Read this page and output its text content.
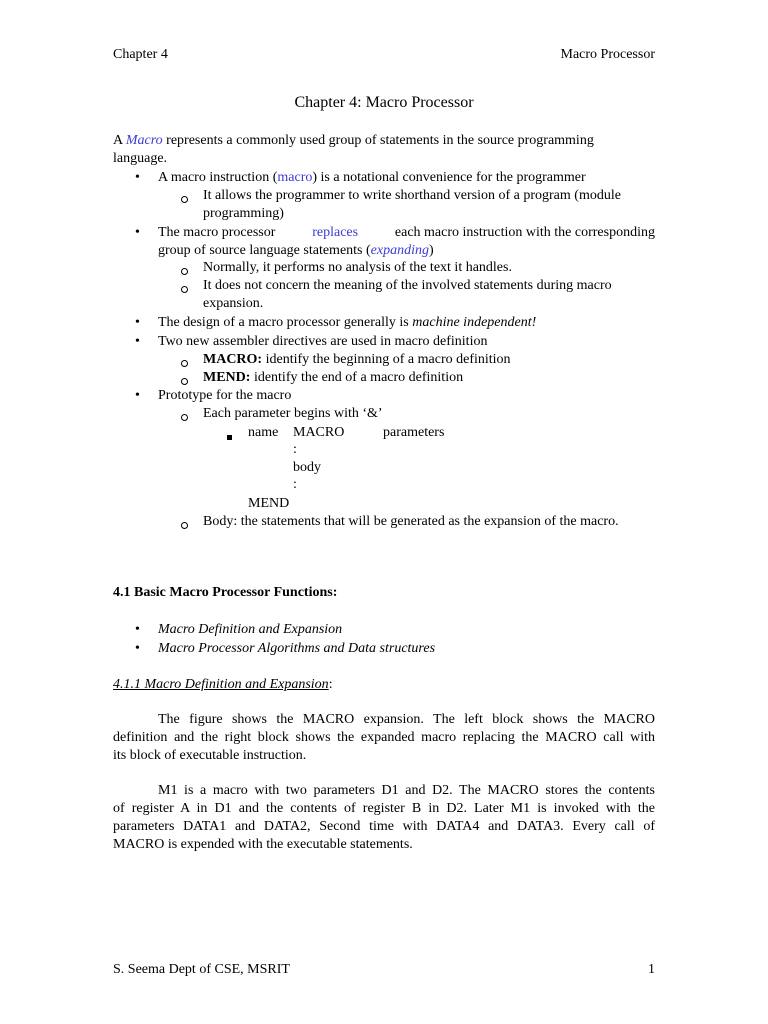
Chapter 4	Macro Processor
Chapter 4: Macro Processor
A Macro represents a commonly used group of statements in the source programming
language.
•
A macro instruction (macro) is a notational convenience for the programmer
It allows the programmer to write shorthand version of a program (module
programming)
•
The macro processor	replaces	each macro instruction with the corresponding
group of source language statements (expanding)
Normally, it performs no analysis of the text it handles.
It does not concern the meaning of the involved statements during macro
expansion.
•
The design of a macro processor generally is machine independent!
•
Two new assembler directives are used in macro definition
MACRO: identify the beginning of a macro definition
MEND: identify the end of a macro definition
•
Prototype for the macro
Each parameter begins with ‘&’
name MACRO	parameters
:
body
:
MEND
Body: the statements that will be generated as the expansion of the macro.
4.1 Basic Macro Processor Functions:
•
Macro Definition and Expansion
•
Macro Processor Algorithms and Data structures
4.1.1 Macro Definition and Expansion:
The figure shows the MACRO expansion. The left block shows the MACRO
definition and the right block shows the expanded macro replacing the MACRO call with
its block of executable instruction.
M1 is a macro with two parameters D1 and D2. The MACRO stores the contents
of register A in D1 and the contents of register B in D2. Later M1 is invoked with the
parameters DATA1 and DATA2, Second time with DATA4 and DATA3. Every call of
MACRO is expended with the executable statements.
S. Seema Dept of CSE, MSRIT	1
